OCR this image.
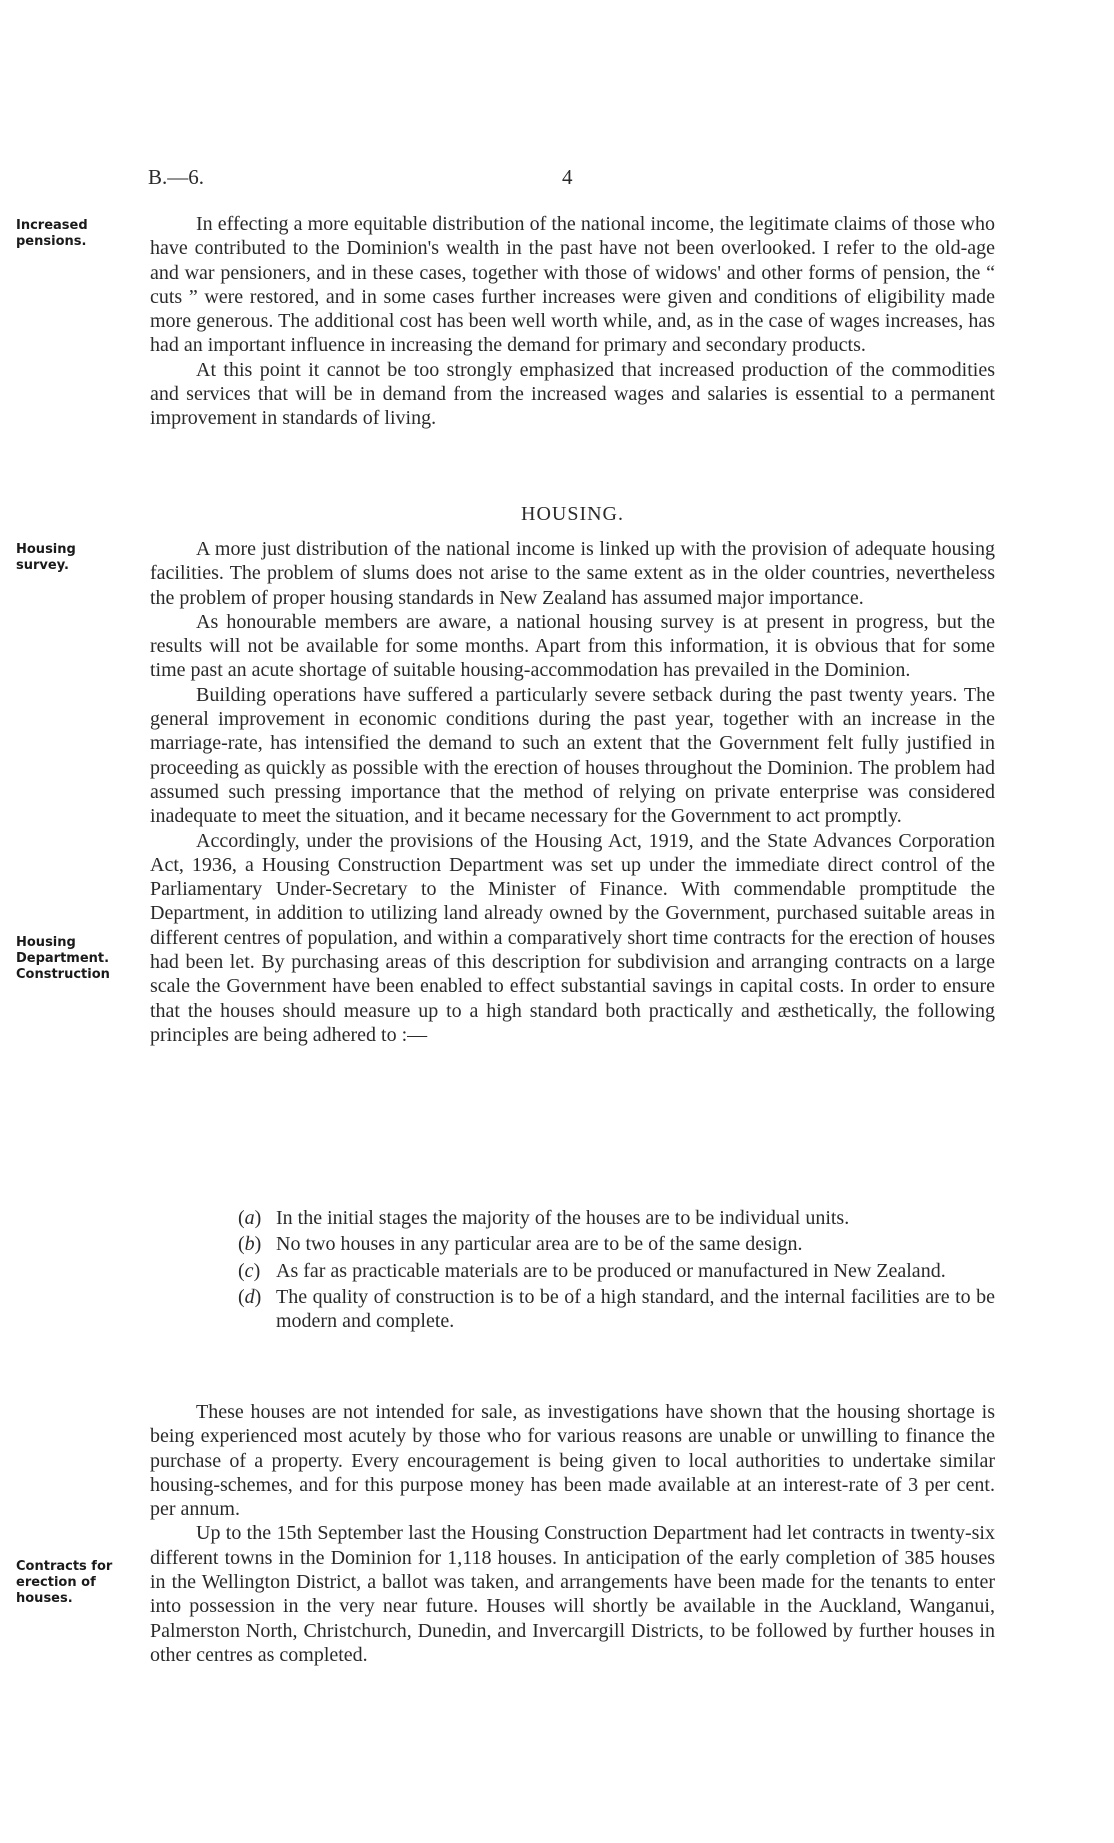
B.—6.	4
Increased pensions.
Housing survey.
Housing Department. Construction
Contracts for erection of houses.

In effecting a more equitable distribution of the national income, the legitimate claims of those who have contributed to the Dominion's wealth in the past have not been overlooked. I refer to the old-age and war pensioners, and in these cases, together with those of widows' and other forms of pension, the “ cuts ” were restored, and in some cases further increases were given and conditions of eligibility made more generous. The additional cost has been well worth while, and, as in the case of wages increases, has had an important influence in increasing the demand for primary and secondary products.

At this point it cannot be too strongly emphasized that increased production of the commodities and services that will be in demand from the increased wages and salaries is essential to a permanent improvement in standards of living.

HOUSING.

A more just distribution of the national income is linked up with the provision of adequate housing facilities. The problem of slums does not arise to the same extent as in the older countries, nevertheless the problem of proper housing standards in New Zealand has assumed major importance.

As honourable members are aware, a national housing survey is at present in progress, but the results will not be available for some months. Apart from this information, it is obvious that for some time past an acute shortage of suitable housing-accommodation has prevailed in the Dominion.

Building operations have suffered a particularly severe setback during the past twenty years. The general improvement in economic conditions during the past year, together with an increase in the marriage-rate, has intensified the demand to such an extent that the Government felt fully justified in proceeding as quickly as possible with the erection of houses throughout the Dominion. The problem had assumed such pressing importance that the method of relying on private enterprise was considered inadequate to meet the situation, and it became necessary for the Government to act promptly.

Accordingly, under the provisions of the Housing Act, 1919, and the State Advances Corporation Act, 1936, a Housing Construction Department was set up under the immediate direct control of the Parliamentary Under-Secretary to the Minister of Finance. With commendable promptitude the Department, in addition to utilizing land already owned by the Government, purchased suitable areas in different centres of population, and within a comparatively short time contracts for the erection of houses had been let. By purchasing areas of this description for subdivision and arranging contracts on a large scale the Government have been enabled to effect substantial savings in capital costs. In order to ensure that the houses should measure up to a high standard both practically and æsthetically, the following principles are being adhered to :—

(a) In the initial stages the majority of the houses are to be individual units.
(b) No two houses in any particular area are to be of the same design.
(c) As far as practicable materials are to be produced or manufactured in New Zealand.
(d) The quality of construction is to be of a high standard, and the internal facilities are to be modern and complete.

These houses are not intended for sale, as investigations have shown that the housing shortage is being experienced most acutely by those who for various reasons are unable or unwilling to finance the purchase of a property. Every encouragement is being given to local authorities to undertake similar housing-schemes, and for this purpose money has been made available at an interest-rate of 3 per cent. per annum.

Up to the 15th September last the Housing Construction Department had let contracts in twenty-six different towns in the Dominion for 1,118 houses. In anticipation of the early completion of 385 houses in the Wellington District, a ballot was taken, and arrangements have been made for the tenants to enter into possession in the very near future. Houses will shortly be available in the Auckland, Wanganui, Palmerston North, Christchurch, Dunedin, and Invercargill Districts, to be followed by further houses in other centres as completed.
